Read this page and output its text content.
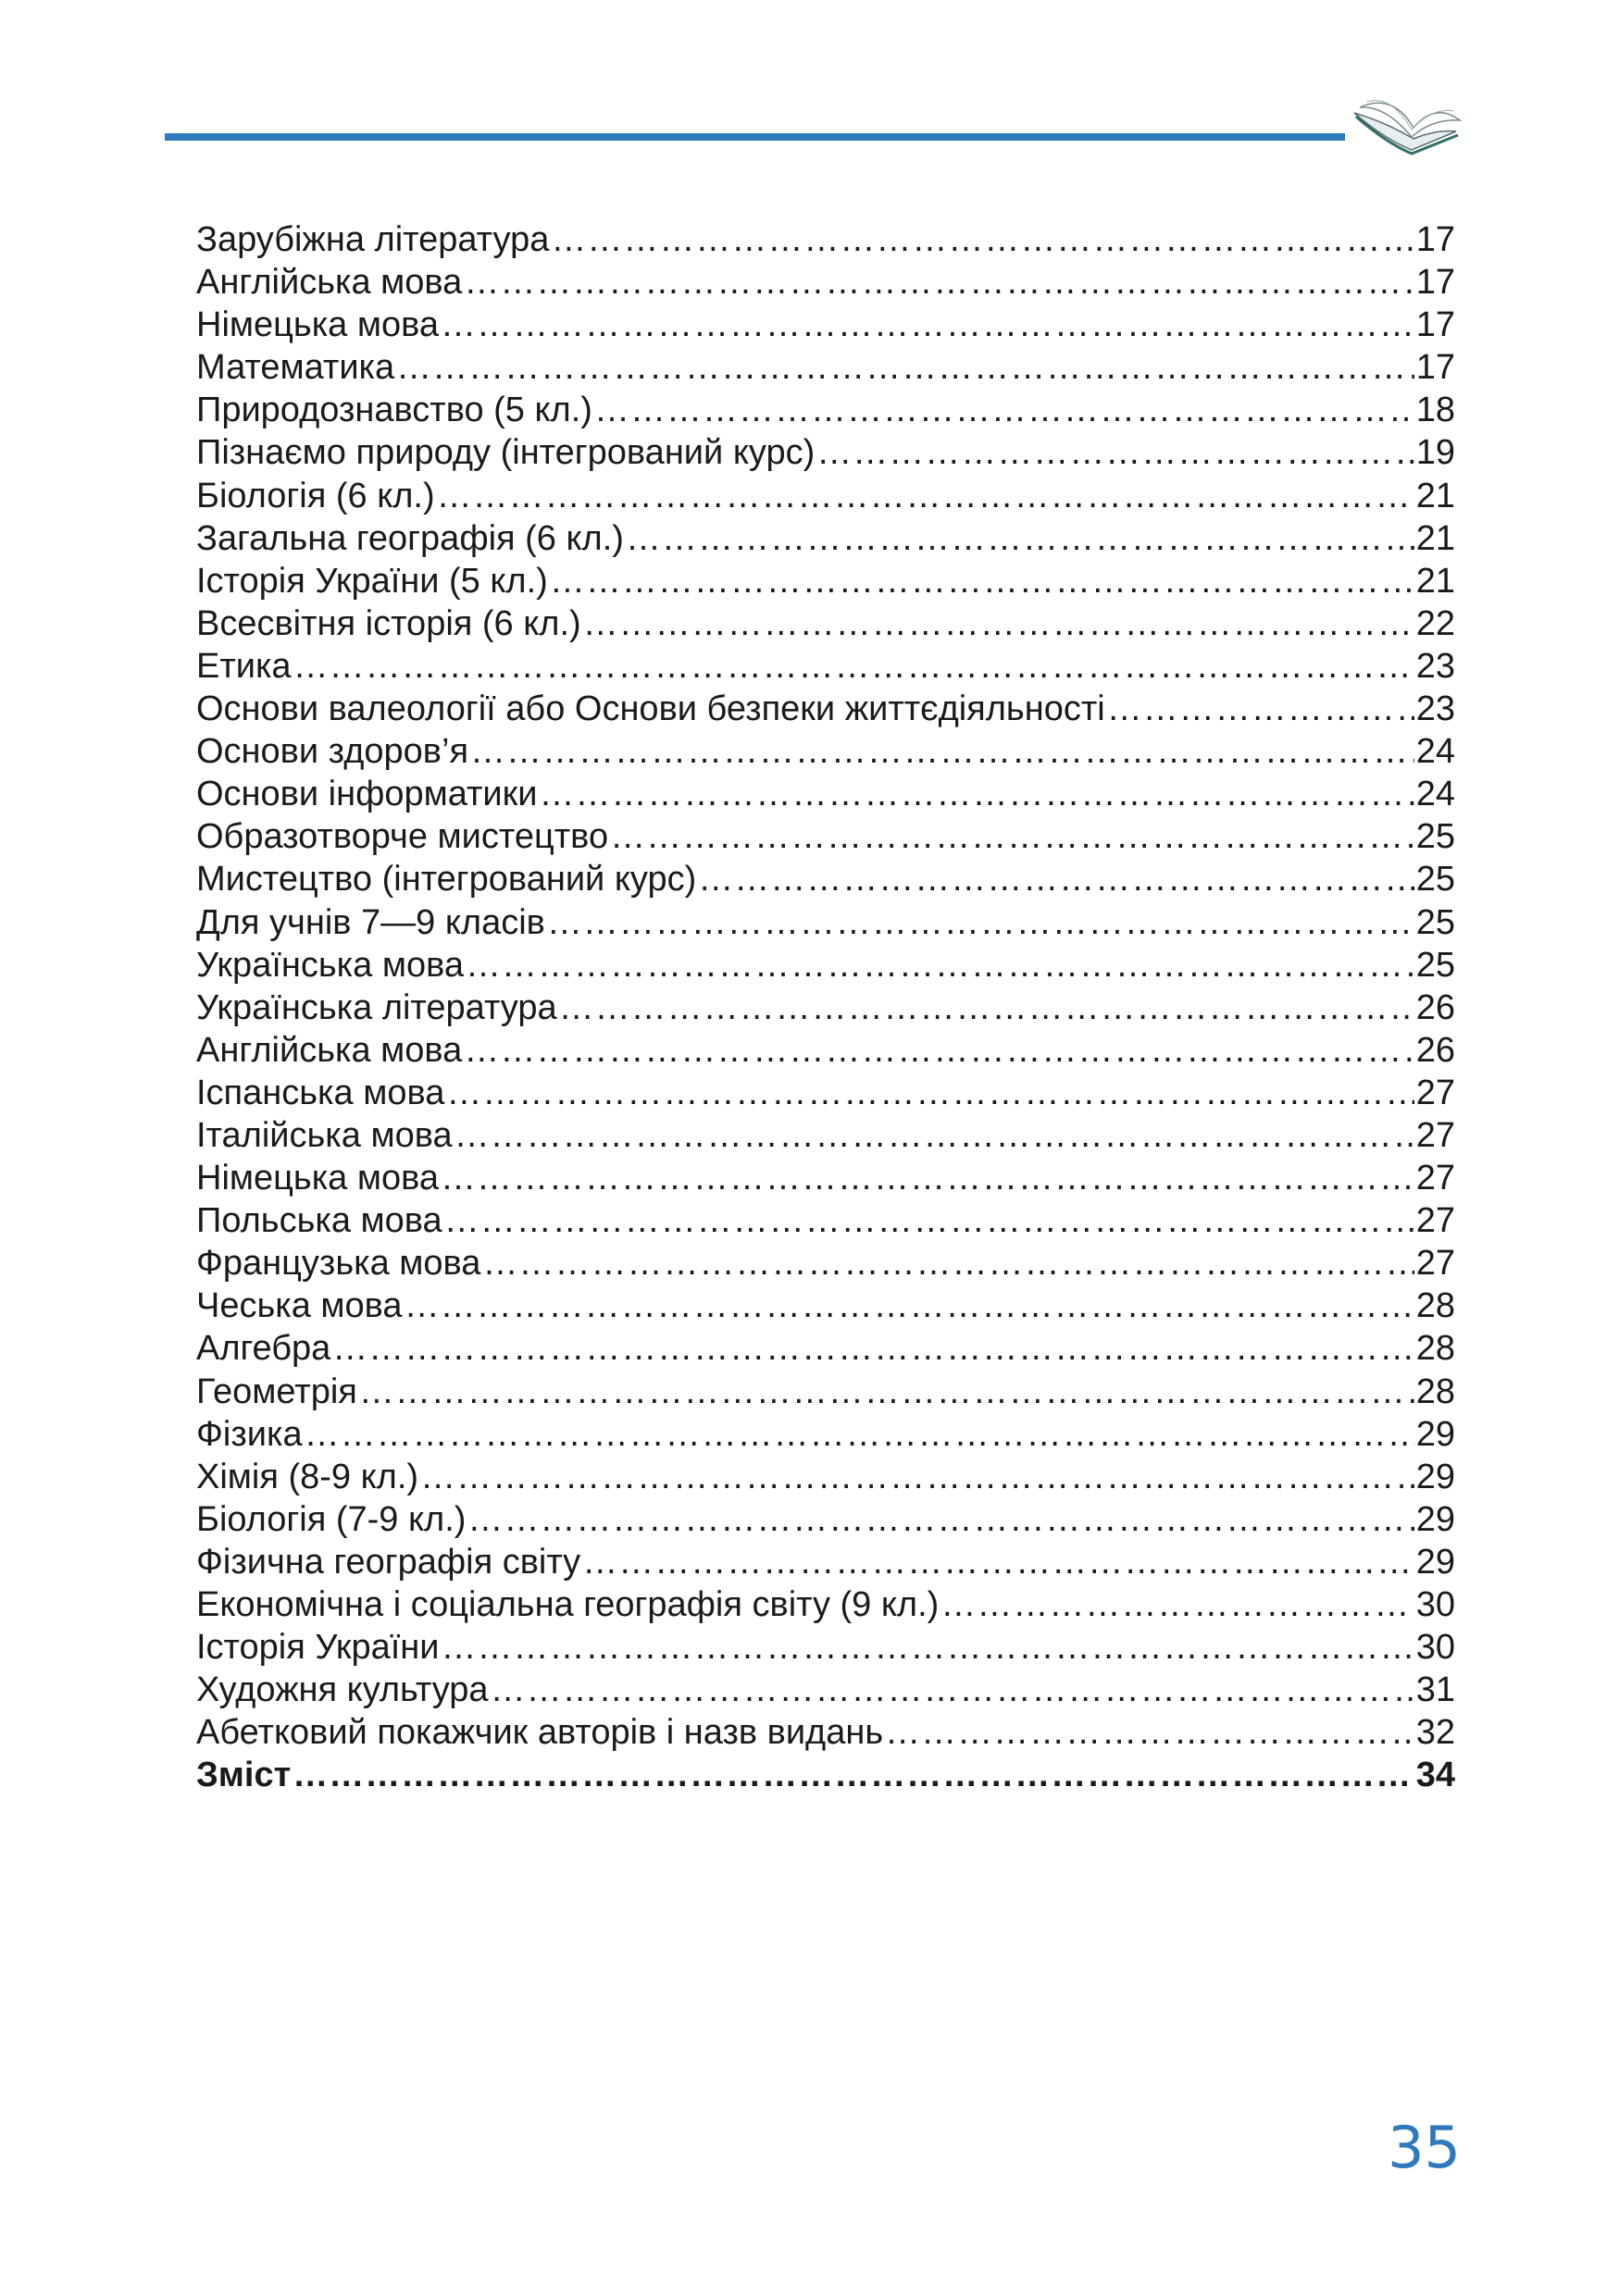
Зарубіжна література ………………………………………………………………………………………………………………………………………………………………………………………………………………………	17
Англійська мова ………………………………………………………………………………………………………………………………………………………………………………………………………………………	17
Німецька мова ………………………………………………………………………………………………………………………………………………………………………………………………………………………	17
Математика ………………………………………………………………………………………………………………………………………………………………………………………………………………………	17
Природознавство (5 кл.) ………………………………………………………………………………………………………………………………………………………………………………………………………………………	18
Пізнаємо природу (інтегрований курс) ………………………………………………………………………………………………………………………………………………………………………………………………………………………	19
Біологія (6 кл.) ………………………………………………………………………………………………………………………………………………………………………………………………………………………	21
Загальна географія (6 кл.) ………………………………………………………………………………………………………………………………………………………………………………………………………………………	21
Історія України (5 кл.) ………………………………………………………………………………………………………………………………………………………………………………………………………………………	21
Всесвітня історія (6 кл.) ………………………………………………………………………………………………………………………………………………………………………………………………………………………	22
Етика ………………………………………………………………………………………………………………………………………………………………………………………………………………………	23
Основи валеології або Основи безпеки життєдіяльності ………………………………………………………………………………………………………………………………………………………………………………………………………………………	23
Основи здоров’я ………………………………………………………………………………………………………………………………………………………………………………………………………………………	24
Основи інформатики ………………………………………………………………………………………………………………………………………………………………………………………………………………………	24
Образотворче мистецтво ………………………………………………………………………………………………………………………………………………………………………………………………………………………	25
Мистецтво (інтегрований курс) ………………………………………………………………………………………………………………………………………………………………………………………………………………………	25
Для учнів 7—9 класів ………………………………………………………………………………………………………………………………………………………………………………………………………………………	25
Українська мова ………………………………………………………………………………………………………………………………………………………………………………………………………………………	25
Українська література ………………………………………………………………………………………………………………………………………………………………………………………………………………………	26
Англійська мова ………………………………………………………………………………………………………………………………………………………………………………………………………………………	26
Іспанська мова ………………………………………………………………………………………………………………………………………………………………………………………………………………………	27
Італійська мова ………………………………………………………………………………………………………………………………………………………………………………………………………………………	27
Німецька мова ………………………………………………………………………………………………………………………………………………………………………………………………………………………	27
Польська мова ………………………………………………………………………………………………………………………………………………………………………………………………………………………	27
Французька мова ………………………………………………………………………………………………………………………………………………………………………………………………………………………	27
Чеська мова ………………………………………………………………………………………………………………………………………………………………………………………………………………………	28
Алгебра ………………………………………………………………………………………………………………………………………………………………………………………………………………………	28
Геометрія ………………………………………………………………………………………………………………………………………………………………………………………………………………………	28
Фізика ………………………………………………………………………………………………………………………………………………………………………………………………………………………	29
Хімія (8-9 кл.) ………………………………………………………………………………………………………………………………………………………………………………………………………………………	29
Біологія (7-9 кл.) ………………………………………………………………………………………………………………………………………………………………………………………………………………………	29
Фізична географія світу ………………………………………………………………………………………………………………………………………………………………………………………………………………………	29
Економічна і соціальна географія світу (9 кл.) ………………………………………………………………………………………………………………………………………………………………………………………………………………………	30
Історія України ………………………………………………………………………………………………………………………………………………………………………………………………………………………	30
Художня культура ………………………………………………………………………………………………………………………………………………………………………………………………………………………	31
Абетковий покажчик авторів і назв видань ………………………………………………………………………………………………………………………………………………………………………………………………………………………	32
Зміст ………………………………………………………………………………………………………………………………………………………………………………………………………………………	34
35
